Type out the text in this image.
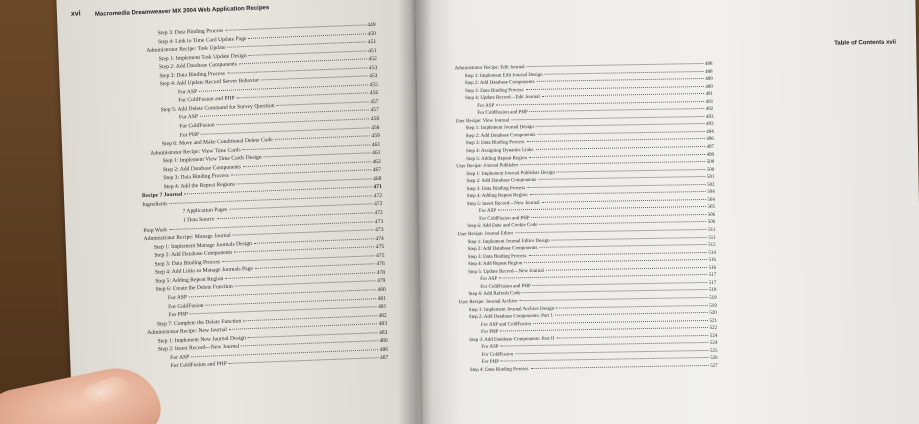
xvi Macromedia Dreamweaver MX 2004 Web Application Recipes
Step 3: Data Binding Process
449
Step 4: Link to Time Card Update Page
450
Administrator Recipe: Task Update
451
Step 1: Implement Task Update Design
451
Step 2: Add Database Components
452
Step 3: Data Binding Process
453
Step 4: Add Update Record Server Behavior
453
For ASP
455
For ColdFusion and PHP
456
Step 5: Add Delete Command for Survey Question
457
For ASP
457
For ColdFusion
458
For PHP
458
Step 6: Move and Make Conditional Delete Code
459
Administrator Recipe: View Time Cards
461
Step 1: Implement View Time Cards Design
461
Step 2: Add Database Components
462
Step 3: Data Binding Process
467
Step 4: Add the Repeat Regions
468
Recipe 7 Journal
471
Ingredients
472
7 Application Pages
472
1 Data Source
472
Prep Work
473
Administrator Recipe: Manage Journal
473
Step 1: Implement Manage Journals Design
474
Step 2: Add Database Components
475
Step 3: Data Binding Process
475
Step 4: Add Links to Manage Journals Page
476
Step 5: Adding Repeat Region
478
Step 6: Create the Delete Function
479
For ASP
480
For ColdFusion
481
For PHP
481
Step 7: Complete the Delete Function
482
Administrator Recipe: New Journal
483
Step 1: Implement New Journal Design
483
Step 2: Insert Record—New Journal
486
For ASP
486
For ColdFusion and PHP
487
Table of Contents xvii
Administrator Recipe: Edit Journal
488
Step 1: Implement Edit Journal Design
488
Step 2: Add Database Components
489
Step 3: Data Binding Process
490
Step 4: Update Record—Edit Journal
491
For ASP
491
For ColdFusion and PHP
492
User Recipe: View Journal
493
Step 1: Implement Journal Design
493
Step 2: Add Database Components
494
Step 3: Data Binding Process
496
Step 4: Assigning Dynamic Links
497
Step 5: Adding Repeat Region
499
User Recipe: Journal Publisher
500
Step 1: Implement Journal Publisher Design
500
Step 2: Add Database Components
501
Step 3: Data Binding Process
502
Step 4: Adding Repeat Region
504
Step 5: Insert Record—New Journal
504
For ASP
505
For ColdFusion and PHP
506
Step 6: Add Date and Cookie Code
506
User Recipe: Journal Editor
511
Step 1: Implement Journal Editor Design
511
Step 2: Add Database Components
512
Step 3: Data Binding Process
514
Step 4: Add Repeat Region
516
Step 5: Update Record—New Journal
516
For ASP
517
For ColdFusion and PHP
517
Step 6: Add Refresh Code
518
User Recipe: Journal Archive
519
Step 1: Implement Journal Archive Design
519
Step 2: Add Database Components: Part 1
520
For ASP and ColdFusion
521
For PHP
522
Step 3: Add Database Components: Part II
524
For ASP
524
For ColdFusion
525
For PHP
526
Step 4: Data Binding Process
527
